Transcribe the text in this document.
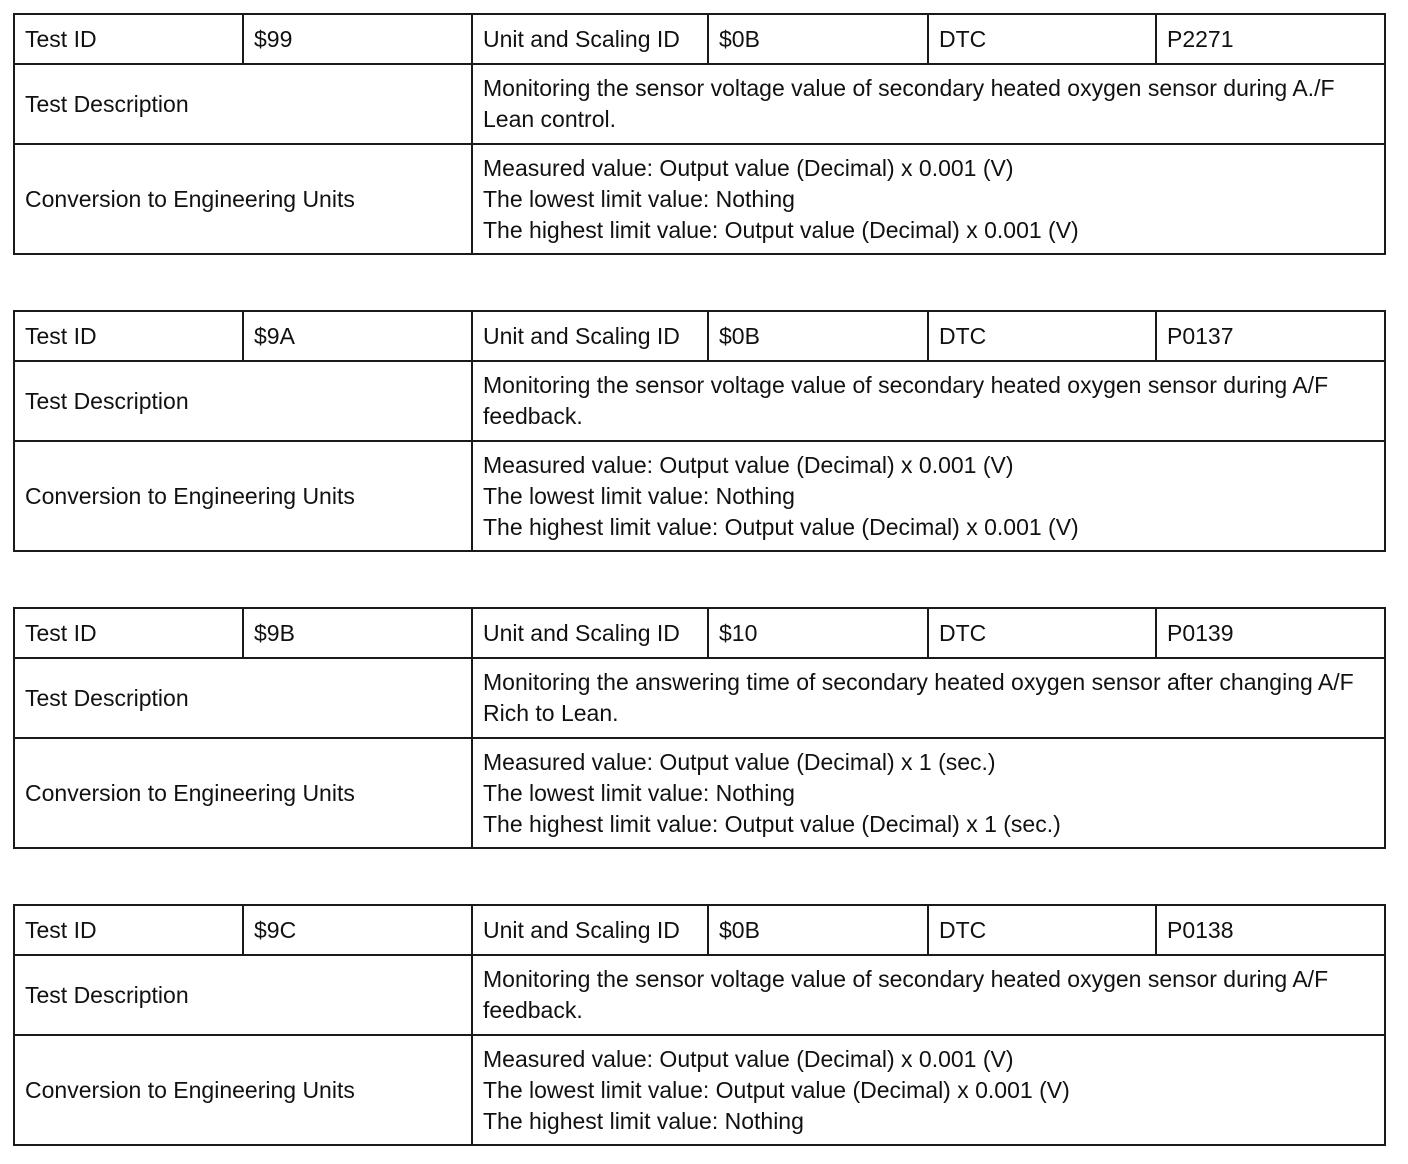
Test ID	$99	Unit and Scaling ID	$0B	DTC	P2271
Test Description		Monitoring the sensor voltage value of secondary heated oxygen sensor during A./F Lean control.			
Conversion to Engineering Units		Measured value: Output value (Decimal) x 0.001 (V)
The lowest limit value: Nothing
The highest limit value: Output value (Decimal) x 0.001 (V)			
Test ID	$9A	Unit and Scaling ID	$0B	DTC	P0137
Test Description		Monitoring the sensor voltage value of secondary heated oxygen sensor during A/F feedback.			
Conversion to Engineering Units		Measured value: Output value (Decimal) x 0.001 (V)
The lowest limit value: Nothing
The highest limit value: Output value (Decimal) x 0.001 (V)			
Test ID	$9B	Unit and Scaling ID	$10	DTC	P0139
Test Description		Monitoring the answering time of secondary heated oxygen sensor after changing A/F Rich to Lean.			
Conversion to Engineering Units		Measured value: Output value (Decimal) x 1 (sec.)
The lowest limit value: Nothing
The highest limit value: Output value (Decimal) x 1 (sec.)			
Test ID	$9C	Unit and Scaling ID	$0B	DTC	P0138
Test Description		Monitoring the sensor voltage value of secondary heated oxygen sensor during A/F feedback.			
Conversion to Engineering Units		Measured value: Output value (Decimal) x 0.001 (V)
The lowest limit value: Output value (Decimal) x 0.001 (V)
The highest limit value: Nothing			
